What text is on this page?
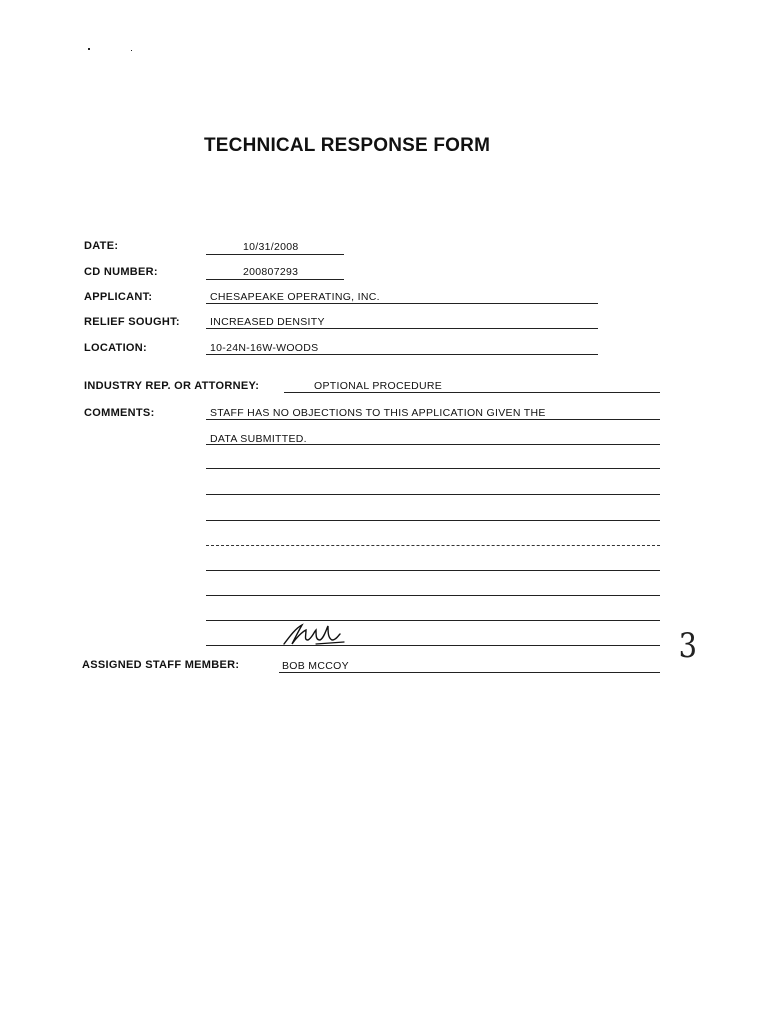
TECHNICAL RESPONSE FORM
DATE:	10/31/2008
CD NUMBER:	200807293
APPLICANT:	CHESAPEAKE OPERATING, INC.
RELIEF SOUGHT:	INCREASED DENSITY
LOCATION:	10-24N-16W-WOODS
INDUSTRY REP. OR ATTORNEY:	OPTIONAL PROCEDURE
COMMENTS:	STAFF HAS NO OBJECTIONS TO THIS APPLICATION GIVEN THE
DATA SUBMITTED.
3
ASSIGNED STAFF MEMBER:	BOB MCCOY
